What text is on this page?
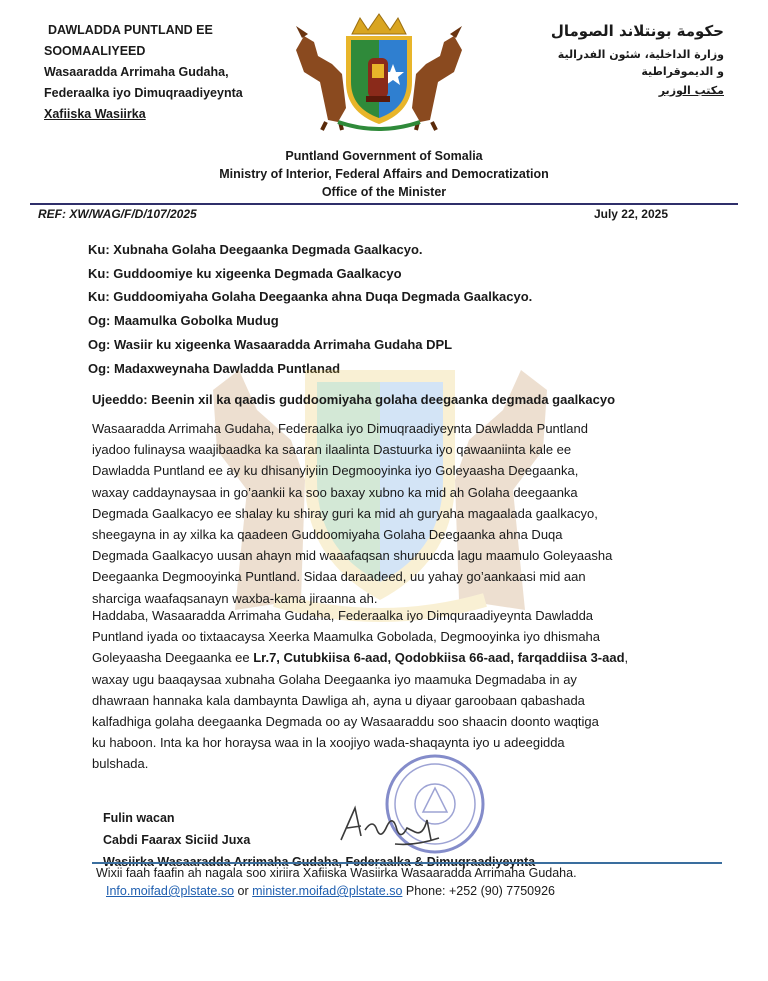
DAWLADDA PUNTLAND EE
SOOMAALIYEED
Wasaaradda Arrimaha Gudaha,
Federaalka iyo Dimuqraadiyeynta
Xafiiska Wasiirka
حكومة بونتلاند الصومال
وزارة الداخلية، شئون الفدرالية
و الديموقراطية
مكتب الوزير
Puntland Government of Somalia
Ministry of Interior, Federal Affairs and Democratization
Office of the Minister
REF: XW/WAG/F/D/107/2025	July 22, 2025
Ku: Xubnaha Golaha Deegaanka Degmada Gaalkacyo.
Ku: Guddoomiye ku xigeenka Degmada Gaalkacyo
Ku: Guddoomiyaha Golaha Deegaanka ahna Duqa Degmada Gaalkacyo.
Og: Maamulka Gobolka Mudug
Og: Wasiir ku xigeenka Wasaaradda Arrimaha Gudaha DPL
Og: Madaxweynaha Dawladda Puntlanad
Ujeeddo: Beenin xil ka qaadis guddoomiyaha golaha deegaanka degmada gaalkacyo
Wasaaradda Arrimaha Gudaha, Federaalka iyo Dimuqraadiyeynta Dawladda Puntland
iyadoo fulinaysa waajibaadka ka saaran ilaalinta Dastuurka iyo qawaaniinta kale ee
Dawladda Puntland ee ay ku dhisanyiyiin Degmooyinka iyo Goleyaasha Deegaanka,
waxay caddaynaysaa in go’aankii ka soo baxay xubno ka mid ah Golaha deegaanka
Degmada Gaalkacyo ee shalay ku shiray guri ka mid ah guryaha magaalada gaalkacyo,
sheegayna in ay xilka ka qaadeen Guddoomiyaha Golaha Deegaanka ahna Duqa
Degmada Gaalkacyo uusan ahayn mid waaafaqsan shuruucda lagu maamulo Goleyaasha
Deegaanka Degmooyinka Puntland. Sidaa daraadeed, uu yahay go’aankaasi mid aan
sharciga waafaqsanayn waxba-kama jiraanna ah.
Haddaba, Wasaaradda Arrimaha Gudaha, Federaalka iyo Dimquraadiyeynta Dawladda
Puntland iyada oo tixtaacaysa Xeerka Maamulka Gobolada, Degmooyinka iyo dhismaha
Goleyaasha Deegaanka ee Lr.7, Cutubkiisa 6-aad, Qodobkiisa 66-aad, farqaddiisa 3-aad,
waxay ugu baaqaysaa xubnaha Golaha Deegaanka iyo maamuka Degmadaba in ay
dhawraan hannaka kala dambaynta Dawliga ah, ayna u diyaar garoobaan qabashada
kalfadhiga golaha deegaanka Degmada oo ay Wasaaraddu soo shaacin doonto waqtiga
ku haboon. Inta ka hor horaysa waa in la xoojiyo wada-shaqaynta iyo u adeegidda
bulshada.
Fulin wacan
Cabdi Faarax Siciid Juxa
Wasiirka Wasaaradda Arrimaha Gudaha, Federaalka & Dimuqraadiyeynta
Wixii faah faafin ah nagala soo xiriira Xafiiska Wasiirka Wasaaradda Arrimaha Gudaha.
Info.moifad@plstate.so or minister.moifad@plstate.so Phone: +252 (90) 7750926
